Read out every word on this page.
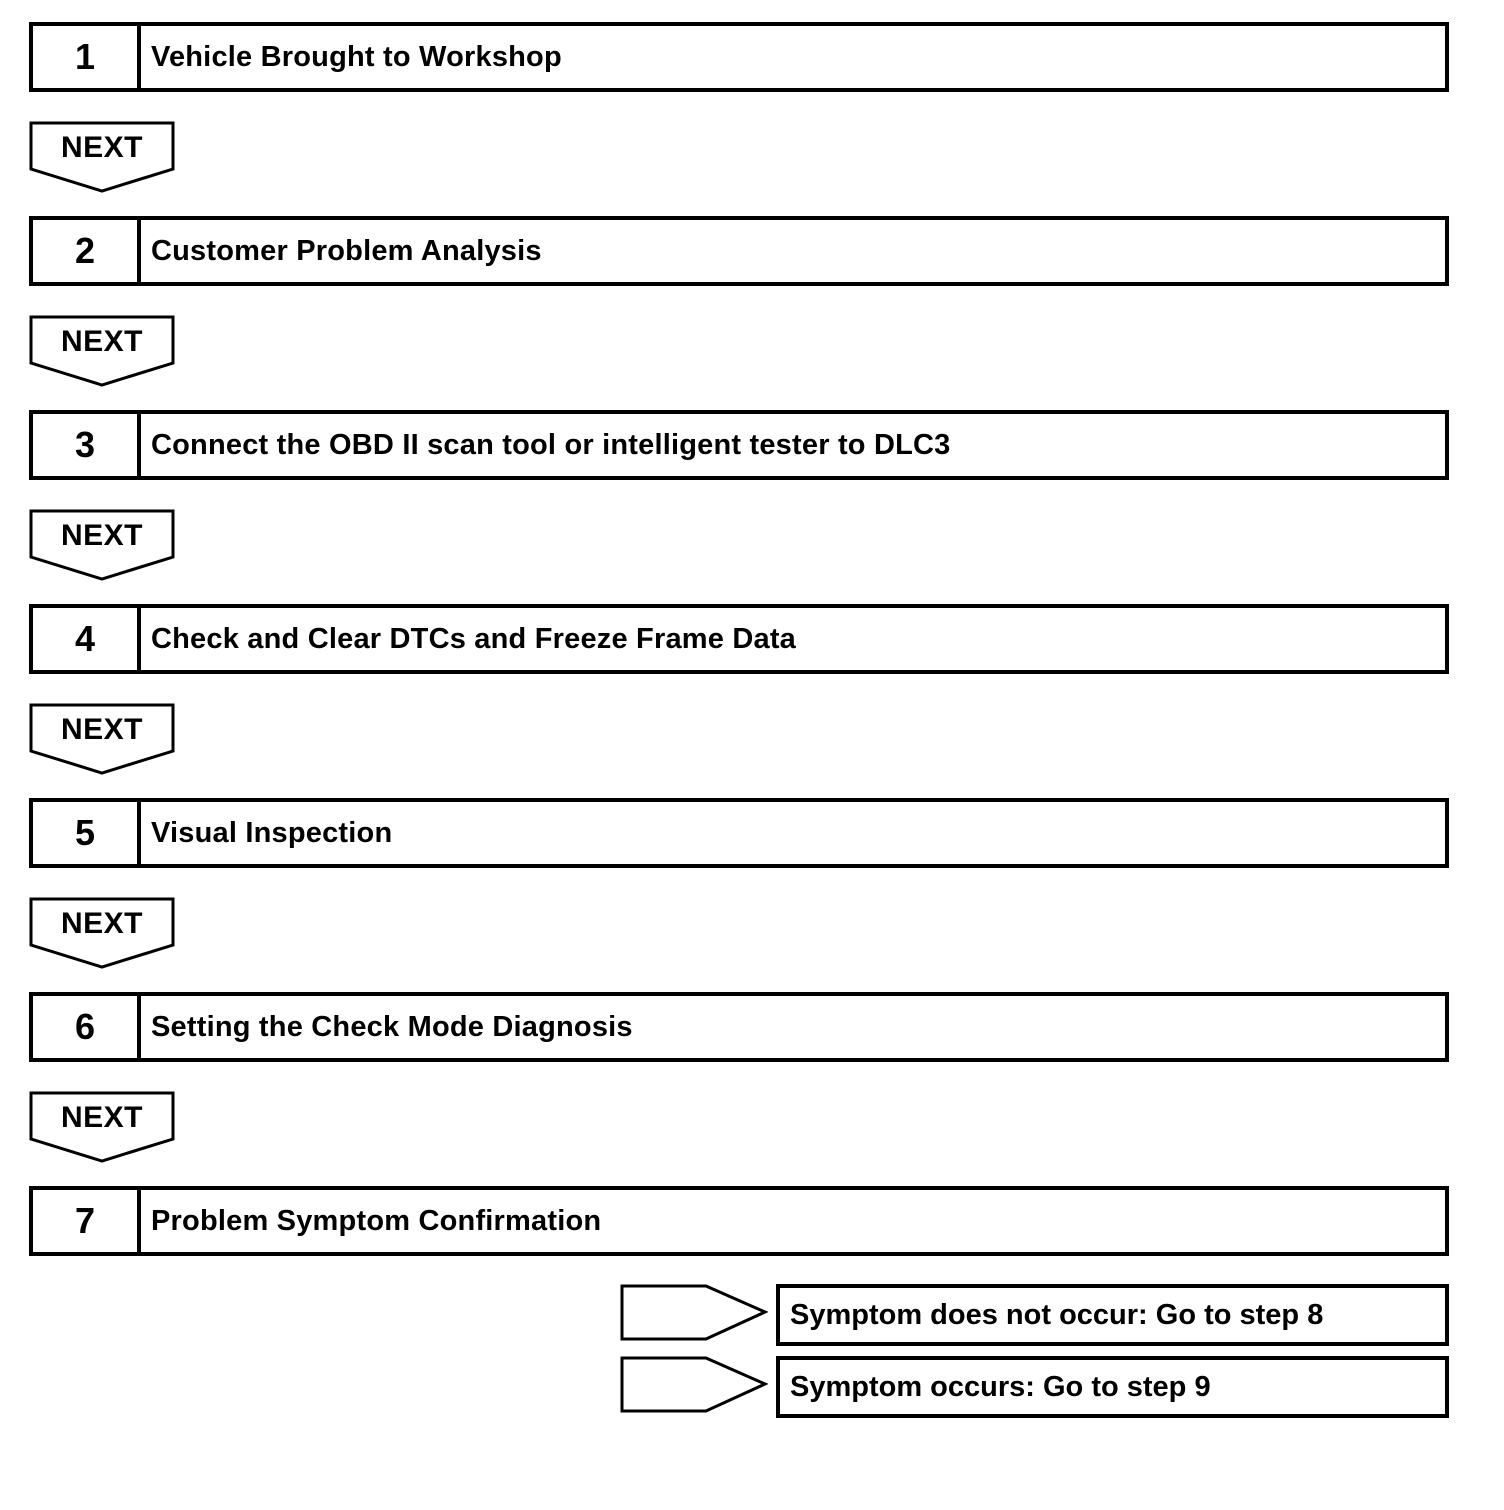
1	Vehicle Brought to Workshop
NEXT
2	Customer Problem Analysis
NEXT
3	Connect the OBD II scan tool or intelligent tester to DLC3
NEXT
4	Check and Clear DTCs and Freeze Frame Data
NEXT
5	Visual Inspection
NEXT
6	Setting the Check Mode Diagnosis
NEXT
7	Problem Symptom Confirmation
Symptom does not occur: Go to step 8
Symptom occurs: Go to step 9
